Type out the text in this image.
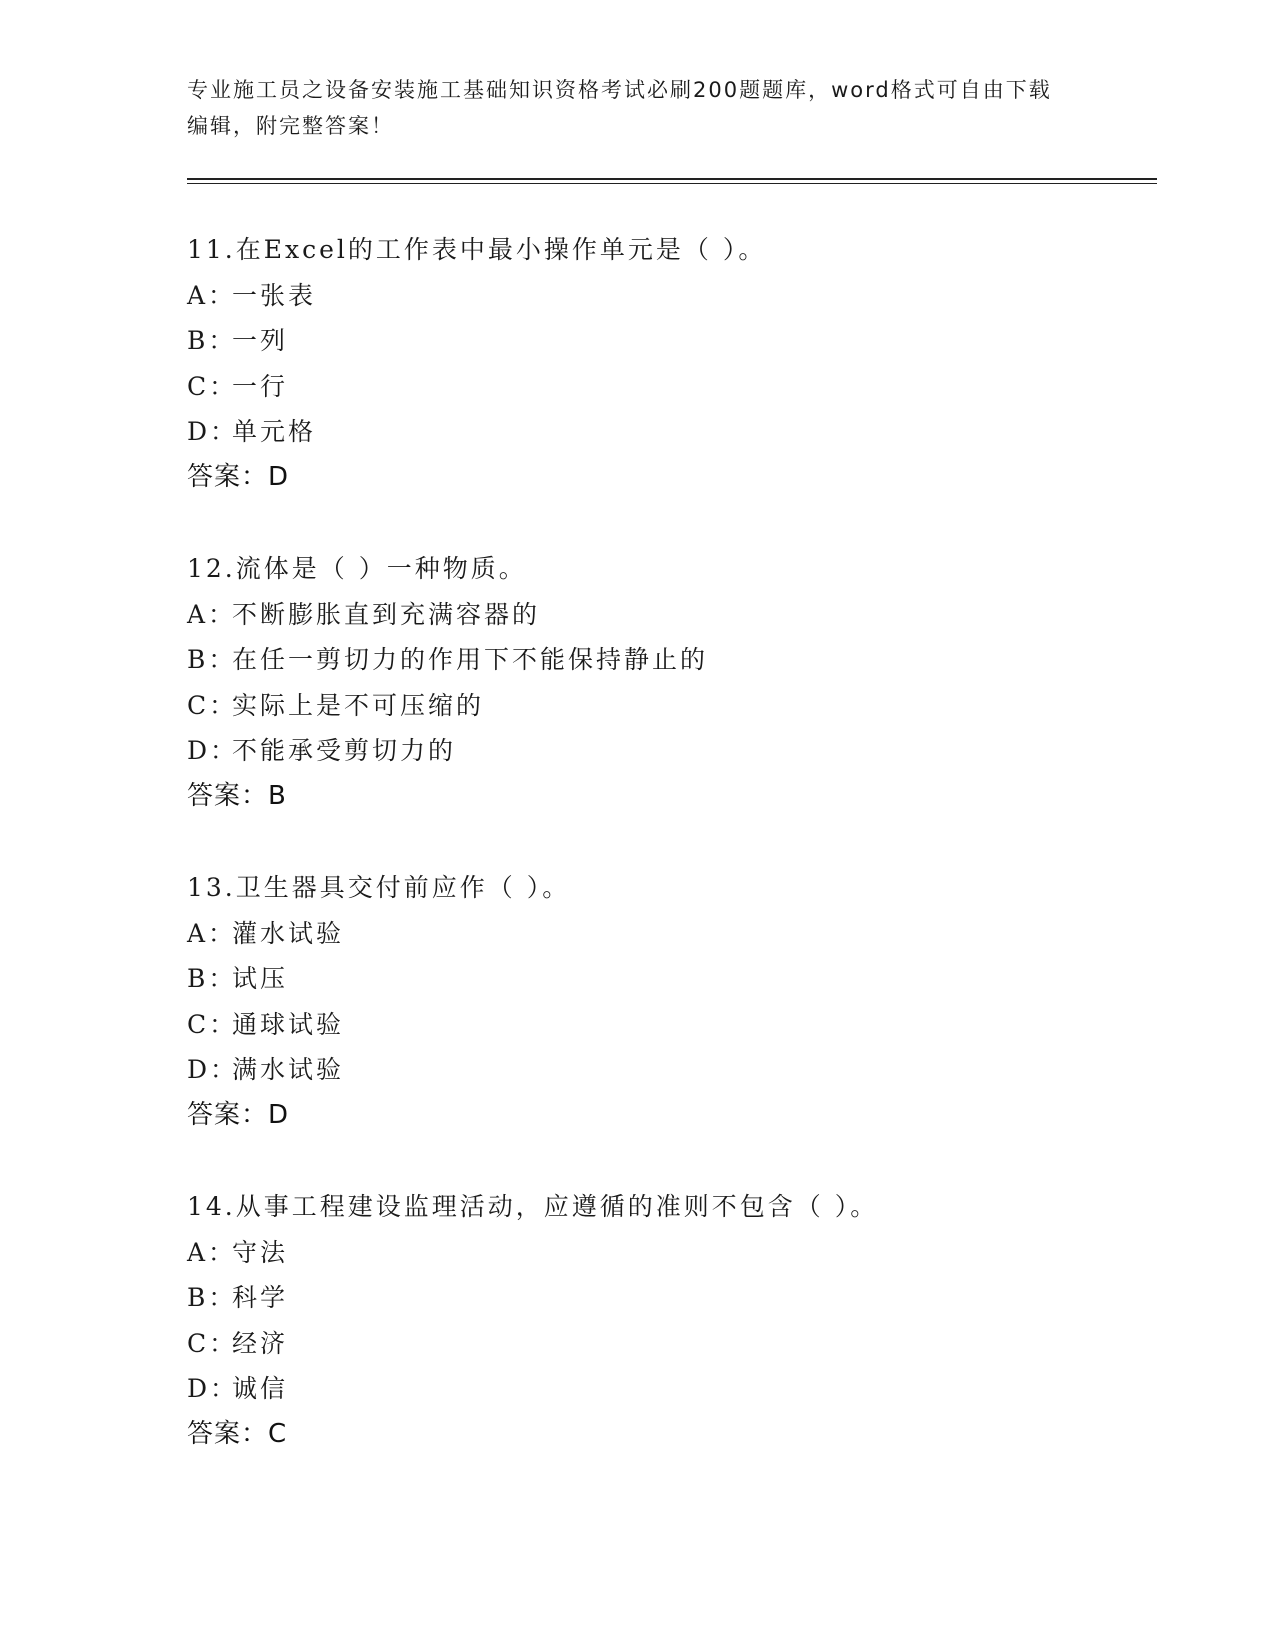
专业施工员之设备安装施工基础知识资格考试必刷200题题库，word格式可自由下载编辑，附完整答案！
11.在Excel的工作表中最小操作单元是（ ）。
A：一张表
B：一列
C：一行
D：单元格
答案：D
12.流体是（ ）一种物质。
A：不断膨胀直到充满容器的
B：在任一剪切力的作用下不能保持静止的
C：实际上是不可压缩的
D：不能承受剪切力的
答案：B
13.卫生器具交付前应作（ ）。
A：灌水试验
B：试压
C：通球试验
D：满水试验
答案：D
14.从事工程建设监理活动，应遵循的准则不包含（ ）。
A：守法
B：科学
C：经济
D：诚信
答案：C
